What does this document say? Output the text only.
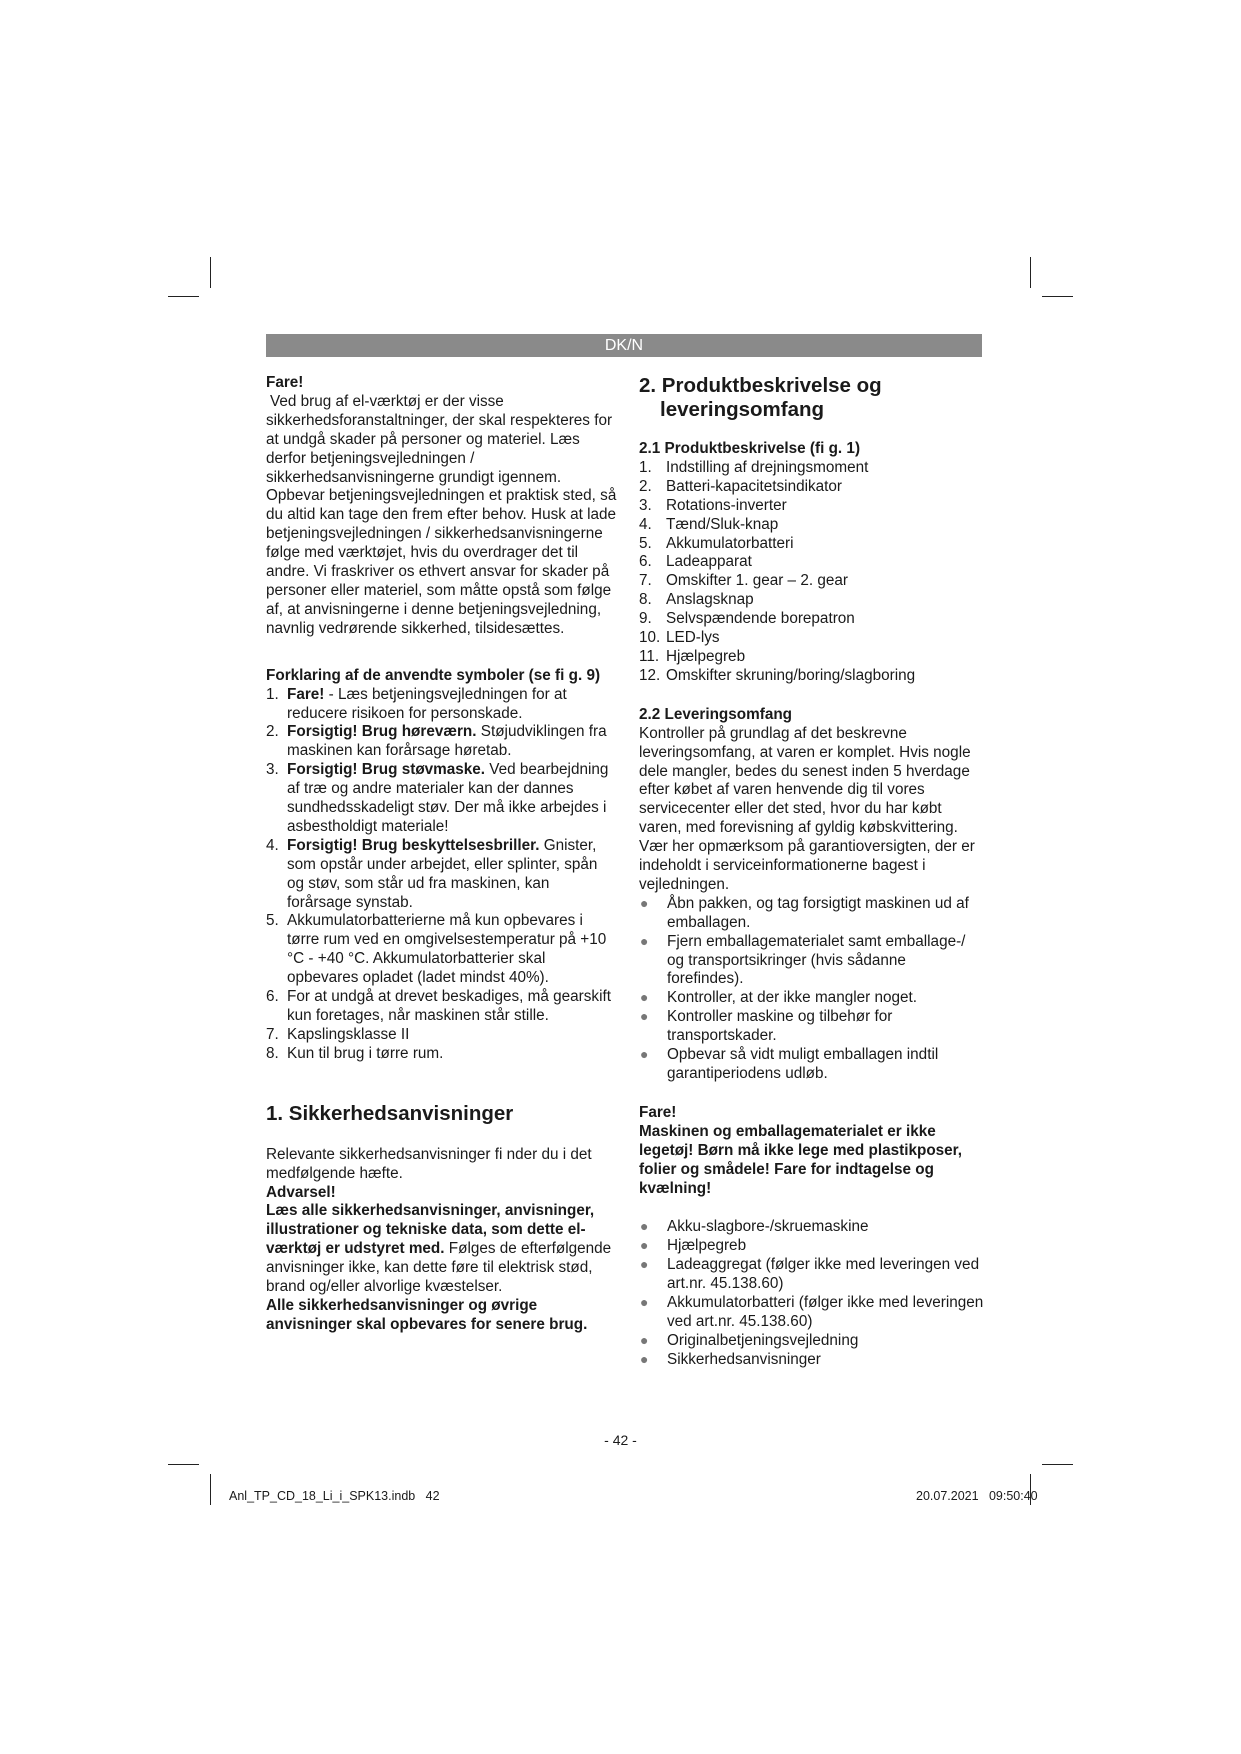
DK/N

Fare!

Ved brug af el-værktøj er der visse sikkerhedsforanstaltninger, der skal respekteres for at undgå skader på personer og materiel. Læs derfor betjeningsvejledningen / sikkerhedsanvisningerne grundigt igennem. Opbevar betjeningsvejledningen et praktisk sted, så du altid kan tage den frem efter behov. Husk at lade betjeningsvejledningen / sikkerhedsanvisningerne følge med værktøjet, hvis du overdrager det til andre. Vi fraskriver os ethvert ansvar for skader på personer eller materiel, som måtte opstå som følge af, at anvisningerne i denne betjeningsvejledning, navnlig vedrørende sikkerhed, tilsidesættes.

Forklaring af de anvendte symboler (se fi g. 9)

1. Fare! - Læs betjeningsvejledningen for at reducere risikoen for personskade.
2. Forsigtig! Brug høreværn. Støjudviklingen fra maskinen kan forårsage høretab.
3. Forsigtig! Brug støvmaske. Ved bearbejdning af træ og andre materialer kan der dannes sundhedsskadeligt støv. Der må ikke arbejdes i asbestholdigt materiale!
4. Forsigtig! Brug beskyttelsesbriller. Gnister, som opstår under arbejdet, eller splinter, spån og støv, som står ud fra maskinen, kan forårsage synstab.
5. Akkumulatorbatterierne må kun opbevares i tørre rum ved en omgivelsestemperatur på +10 °C - +40 °C. Akkumulatorbatterier skal opbevares opladet (ladet mindst 40%).
6. For at undgå at drevet beskadiges, må gearskift kun foretages, når maskinen står stille.
7. Kapslingsklasse II
8. Kun til brug i tørre rum.

1. Sikkerhedsanvisninger

Relevante sikkerhedsanvisninger fi nder du i det medfølgende hæfte.

Advarsel!

Læs alle sikkerhedsanvisninger, anvisninger, illustrationer og tekniske data, som dette el-værktøj er udstyret med. Følges de efterfølgende anvisninger ikke, kan dette føre til elektrisk stød, brand og/eller alvorlige kvæstelser.

Alle sikkerhedsanvisninger og øvrige anvisninger skal opbevares for senere brug.

2. Produktbeskrivelse og leveringsomfang

2.1 Produktbeskrivelse (fi g. 1)

1. Indstilling af drejningsmoment
2. Batteri-kapacitetsindikator
3. Rotations-inverter
4. Tænd/Sluk-knap
5. Akkumulatorbatteri
6. Ladeapparat
7. Omskifter 1. gear – 2. gear
8. Anslagsknap
9. Selvspændende borepatron
10. LED-lys
11. Hjælpegreb
12. Omskifter skruning/boring/slagboring

2.2 Leveringsomfang

Kontroller på grundlag af det beskrevne leveringsomfang, at varen er komplet. Hvis nogle dele mangler, bedes du senest inden 5 hverdage efter købet af varen henvende dig til vores servicecenter eller det sted, hvor du har købt varen, med forevisning af gyldig købskvittering. Vær her opmærksom på garantioversigten, der er indeholdt i serviceinformationerne bagest i vejledningen.

● Åbn pakken, og tag forsigtigt maskinen ud af emballagen.
● Fjern emballagematerialet samt emballage-/ og transportsikringer (hvis sådanne forefindes).
● Kontroller, at der ikke mangler noget.
● Kontroller maskine og tilbehør for transportskader.
● Opbevar så vidt muligt emballagen indtil garantiperiodens udløb.

Fare!

Maskinen og emballagematerialet er ikke legetøj! Børn må ikke lege med plastikposer, folier og smådele! Fare for indtagelse og kvælning!

● Akku-slagbore-/skruemaskine
● Hjælpegreb
● Ladeaggregat (følger ikke med leveringen ved art.nr. 45.138.60)
● Akkumulatorbatteri (følger ikke med leveringen ved art.nr. 45.138.60)
● Originalbetjeningsvejledning
● Sikkerhedsanvisninger
- 42 -
Anl_TP_CD_18_Li_i_SPK13.indb   42	20.07.2021   09:50:40
